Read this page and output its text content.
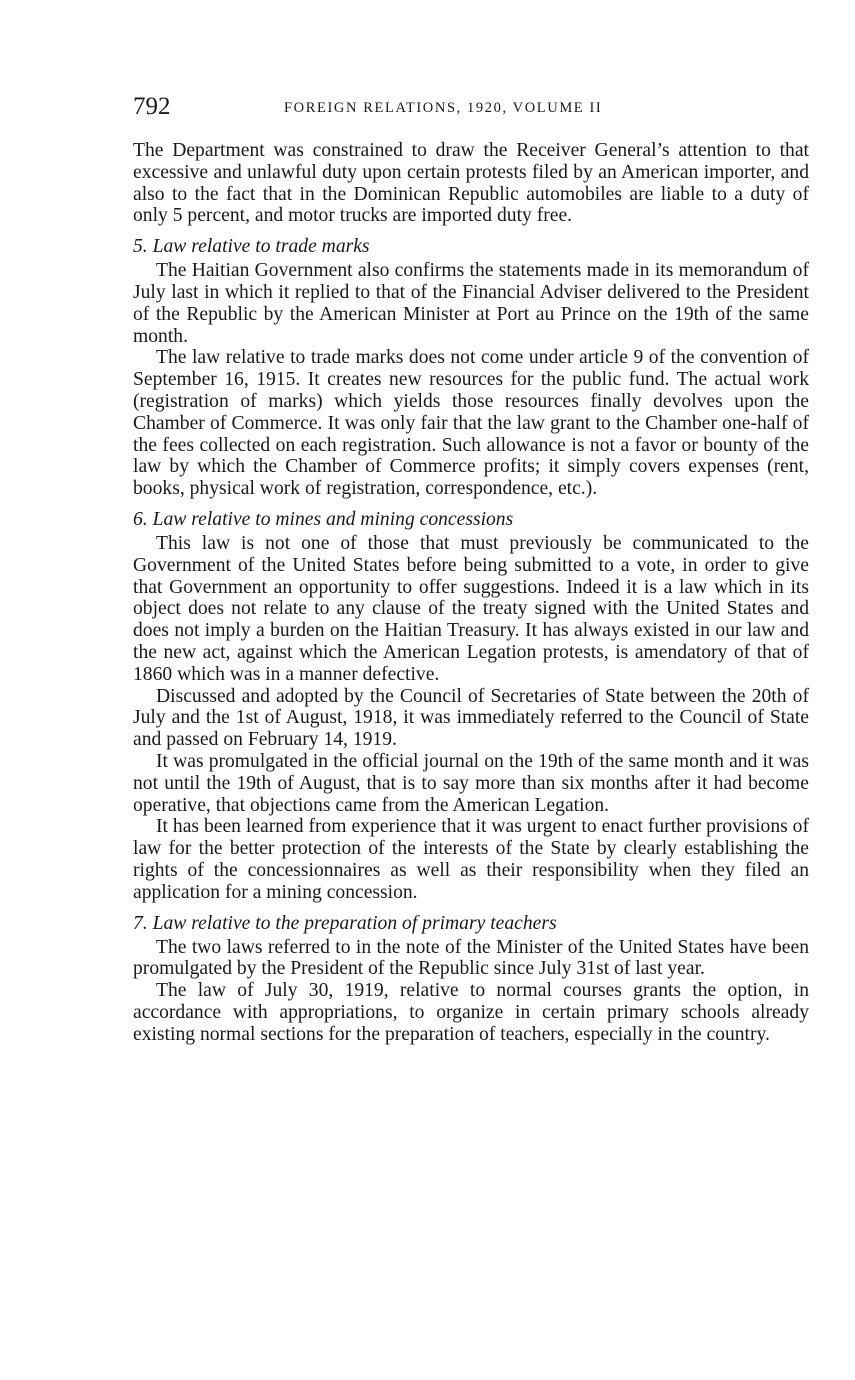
792	FOREIGN RELATIONS, 1920, VOLUME II

The Department was constrained to draw the Receiver General’s attention to that excessive and unlawful duty upon certain protests filed by an American importer, and also to the fact that in the Dominican Republic automobiles are liable to a duty of only 5 percent, and motor trucks are imported duty free.

5. Law relative to trade marks

The Haitian Government also confirms the statements made in its memorandum of July last in which it replied to that of the Financial Adviser delivered to the President of the Republic by the American Minister at Port au Prince on the 19th of the same month.

The law relative to trade marks does not come under article 9 of the convention of September 16, 1915. It creates new resources for the public fund. The actual work (registration of marks) which yields those resources finally devolves upon the Chamber of Commerce. It was only fair that the law grant to the Chamber one-half of the fees collected on each registration. Such allowance is not a favor or bounty of the law by which the Chamber of Commerce profits; it simply covers expenses (rent, books, physical work of registration, correspondence, etc.).

6. Law relative to mines and mining concessions

This law is not one of those that must previously be communicated to the Government of the United States before being submitted to a vote, in order to give that Government an opportunity to offer suggestions. Indeed it is a law which in its object does not relate to any clause of the treaty signed with the United States and does not imply a burden on the Haitian Treasury. It has always existed in our law and the new act, against which the American Legation protests, is amendatory of that of 1860 which was in a manner defective.

Discussed and adopted by the Council of Secretaries of State between the 20th of July and the 1st of August, 1918, it was immediately referred to the Council of State and passed on February 14, 1919.

It was promulgated in the official journal on the 19th of the same month and it was not until the 19th of August, that is to say more than six months after it had become operative, that objections came from the American Legation.

It has been learned from experience that it was urgent to enact further provisions of law for the better protection of the interests of the State by clearly establishing the rights of the concessionnaires as well as their responsibility when they filed an application for a mining concession.

7. Law relative to the preparation of primary teachers

The two laws referred to in the note of the Minister of the United States have been promulgated by the President of the Republic since July 31st of last year.

The law of July 30, 1919, relative to normal courses grants the option, in accordance with appropriations, to organize in certain primary schools already existing normal sections for the preparation of teachers, especially in the country.
